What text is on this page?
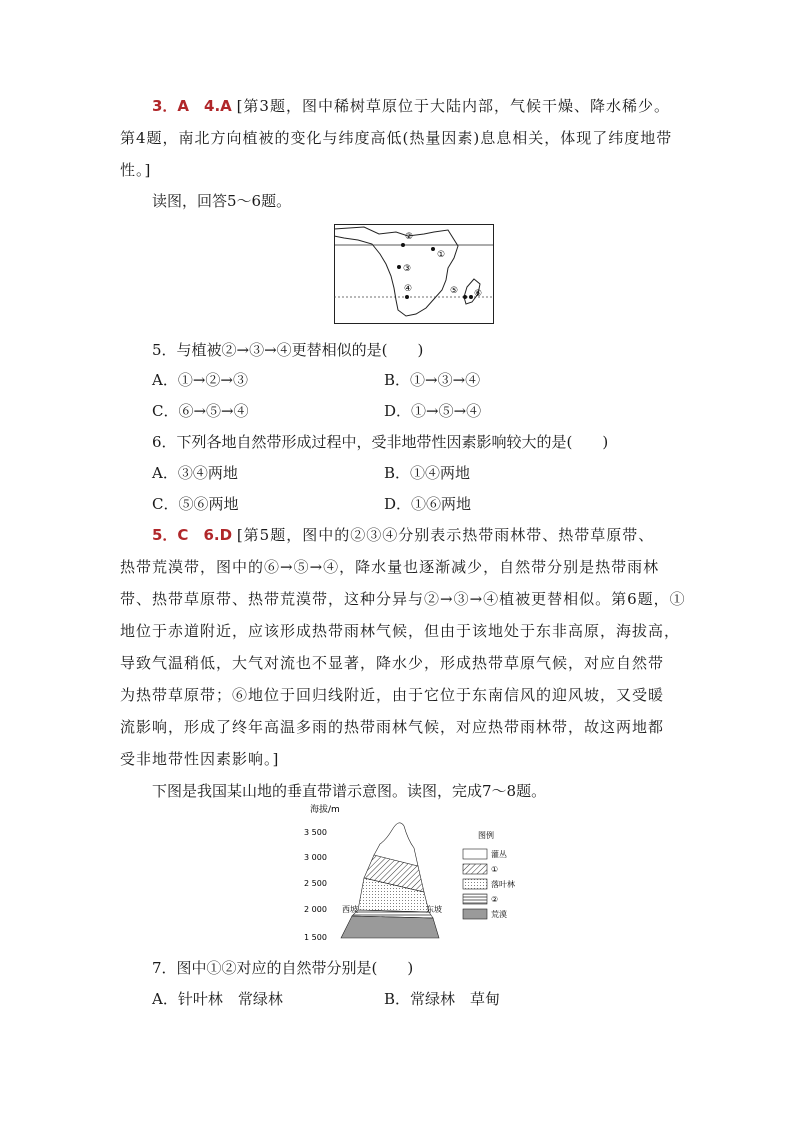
3．A　4.A [第3题，图中稀树草原位于大陆内部，气候干燥、降水稀少。
第4题，南北方向植被的变化与纬度高低(热量因素)息息相关，体现了纬度地带
性。]
读图，回答5～6题。
②
①
③
④	⑤ ⑥
5．与植被②→③→④更替相似的是(　　)
A．①→②→③	B．①→③→④
C．⑥→⑤→④	D．①→⑤→④
6．下列各地自然带形成过程中，受非地带性因素影响较大的是(　　)
A．③④两地	B．①④两地
C．⑤⑥两地	D．①⑥两地
5．C　6.D [第5题，图中的②③④分别表示热带雨林带、热带草原带、
热带荒漠带，图中的⑥→⑤→④，降水量也逐渐减少，自然带分别是热带雨林
带、热带草原带、热带荒漠带，这种分异与②→③→④植被更替相似。第6题，①
地位于赤道附近，应该形成热带雨林气候，但由于该地处于东非高原，海拔高，
导致气温稍低，大气对流也不显著，降水少，形成热带草原气候，对应自然带
为热带草原带；⑥地位于回归线附近，由于它位于东南信风的迎风坡，又受暖
流影响，形成了终年高温多雨的热带雨林气候，对应热带雨林带，故这两地都
受非地带性因素影响。]
下图是我国某山地的垂直带谱示意图。读图，完成7～8题。
海拔/m
3 500
3 000
2 500
2 000
1 500
西坡	东坡
图例
灌丛
①
落叶林
②
荒漠
7．图中①②对应的自然带分别是(　　)
A．针叶林　常绿林	B．常绿林　草甸
